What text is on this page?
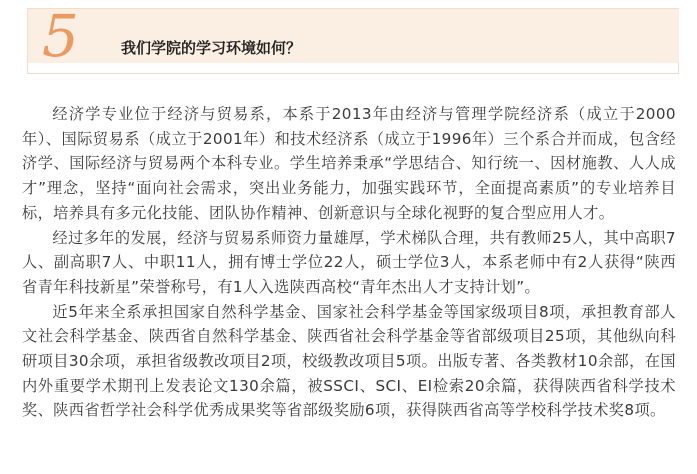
5	我们学院的学习环境如何？

经济学专业位于经济与贸易系，本系于2013年由经济与管理学院经济系（成立于2000年）、国际贸易系（成立于2001年）和技术经济系（成立于1996年）三个系合并而成，包含经济学、国际经济与贸易两个本科专业。学生培养秉承“学思结合、知行统一、因材施教、人人成才”理念，坚持“面向社会需求，突出业务能力，加强实践环节，全面提高素质”的专业培养目标，培养具有多元化技能、团队协作精神、创新意识与全球化视野的复合型应用人才。

经过多年的发展，经济与贸易系师资力量雄厚，学术梯队合理，共有教师25人，其中高职7人、副高职7人、中职11人，拥有博士学位22人，硕士学位3人，本系老师中有2人获得“陕西省青年科技新星”荣誉称号，有1人入选陕西高校“青年杰出人才支持计划”。

近5年来全系承担国家自然科学基金、国家社会科学基金等国家级项目8项，承担教育部人文社会科学基金、陕西省自然科学基金、陕西省社会科学基金等省部级项目25项，其他纵向科研项目30余项，承担省级教改项目2项，校级教改项目5项。出版专著、各类教材10余部，在国内外重要学术期刊上发表论文130余篇，被SSCI、SCI、EI检索20余篇，获得陕西省科学技术奖、陕西省哲学社会科学优秀成果奖等省部级奖励6项，获得陕西省高等学校科学技术奖8项。
